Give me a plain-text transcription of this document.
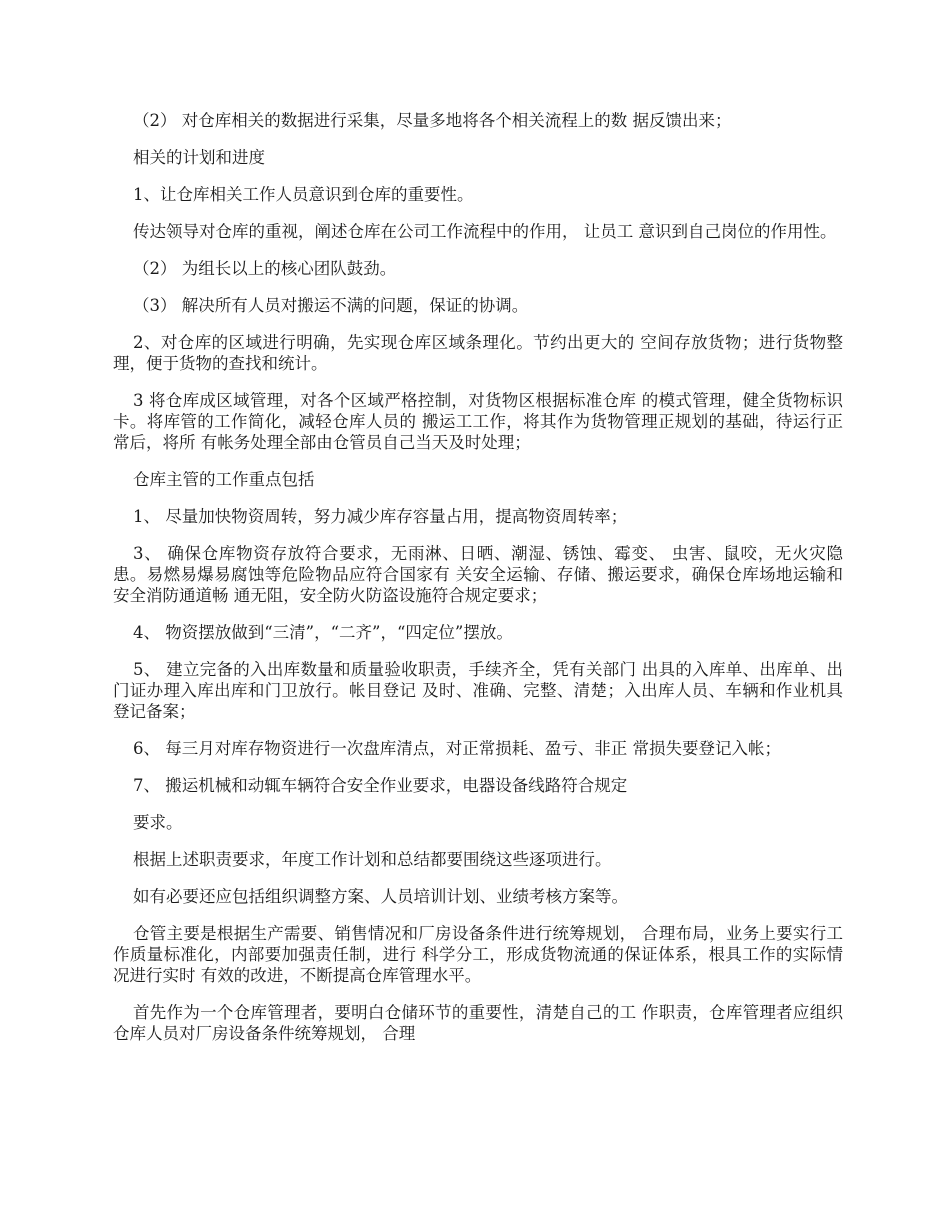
（2） 对仓库相关的数据进行采集，尽量多地将各个相关流程上的数 据反馈出来；

相关的计划和进度

1、让仓库相关工作人员意识到仓库的重要性。

传达领导对仓库的重视，阐述仓库在公司工作流程中的作用， 让员工 意识到自己岗位的作用性。

（2） 为组长以上的核心团队鼓劲。

（3） 解决所有人员对搬运不满的问题，保证的协调。

2、对仓库的区域进行明确，先实现仓库区域条理化。节约出更大的 空间存放货物；进行货物整理，便于货物的查找和统计。

3 将仓库成区域管理，对各个区域严格控制，对货物区根据标准仓库 的模式管理，健全货物标识卡。将库管的工作简化，减轻仓库人员的 搬运工工作，将其作为货物管理正规划的基础，待运行正常后，将所 有帐务处理全部由仓管员自己当天及时处理；

仓库主管的工作重点包括

1、 尽量加快物资周转，努力减少库存容量占用，提高物资周转率；

3、 确保仓库物资存放符合要求，无雨淋、日晒、潮湿、锈蚀、霉变、 虫害、鼠咬，无火灾隐患。易燃易爆易腐蚀等危险物品应符合国家有 关安全运输、存储、搬运要求，确保仓库场地运输和安全消防通道畅 通无阻，安全防火防盗设施符合规定要求；

4、 物资摆放做到“三清”，“二齐”，“四定位”摆放。

5、 建立完备的入出库数量和质量验收职责，手续齐全，凭有关部门 出具的入库单、出库单、出门证办理入库出库和门卫放行。帐目登记 及时、准确、完整、清楚；入出库人员、车辆和作业机具登记备案；

6、 每三月对库存物资进行一次盘库清点，对正常损耗、盈亏、非正 常损失要登记入帐；

7、 搬运机械和动辄车辆符合安全作业要求，电器设备线路符合规定

要求。

根据上述职责要求，年度工作计划和总结都要围绕这些逐项进行。

如有必要还应包括组织调整方案、人员培训计划、业绩考核方案等。

仓管主要是根据生产需要、销售情况和厂房设备条件进行统筹规划， 合理布局，业务上要实行工作质量标准化，内部要加强责任制，进行 科学分工，形成货物流通的保证体系，根具工作的实际情况进行实时 有效的改进，不断提高仓库管理水平。

首先作为一个仓库管理者，要明白仓储环节的重要性，清楚自己的工 作职责，仓库管理者应组织仓库人员对厂房设备条件统筹规划， 合理
